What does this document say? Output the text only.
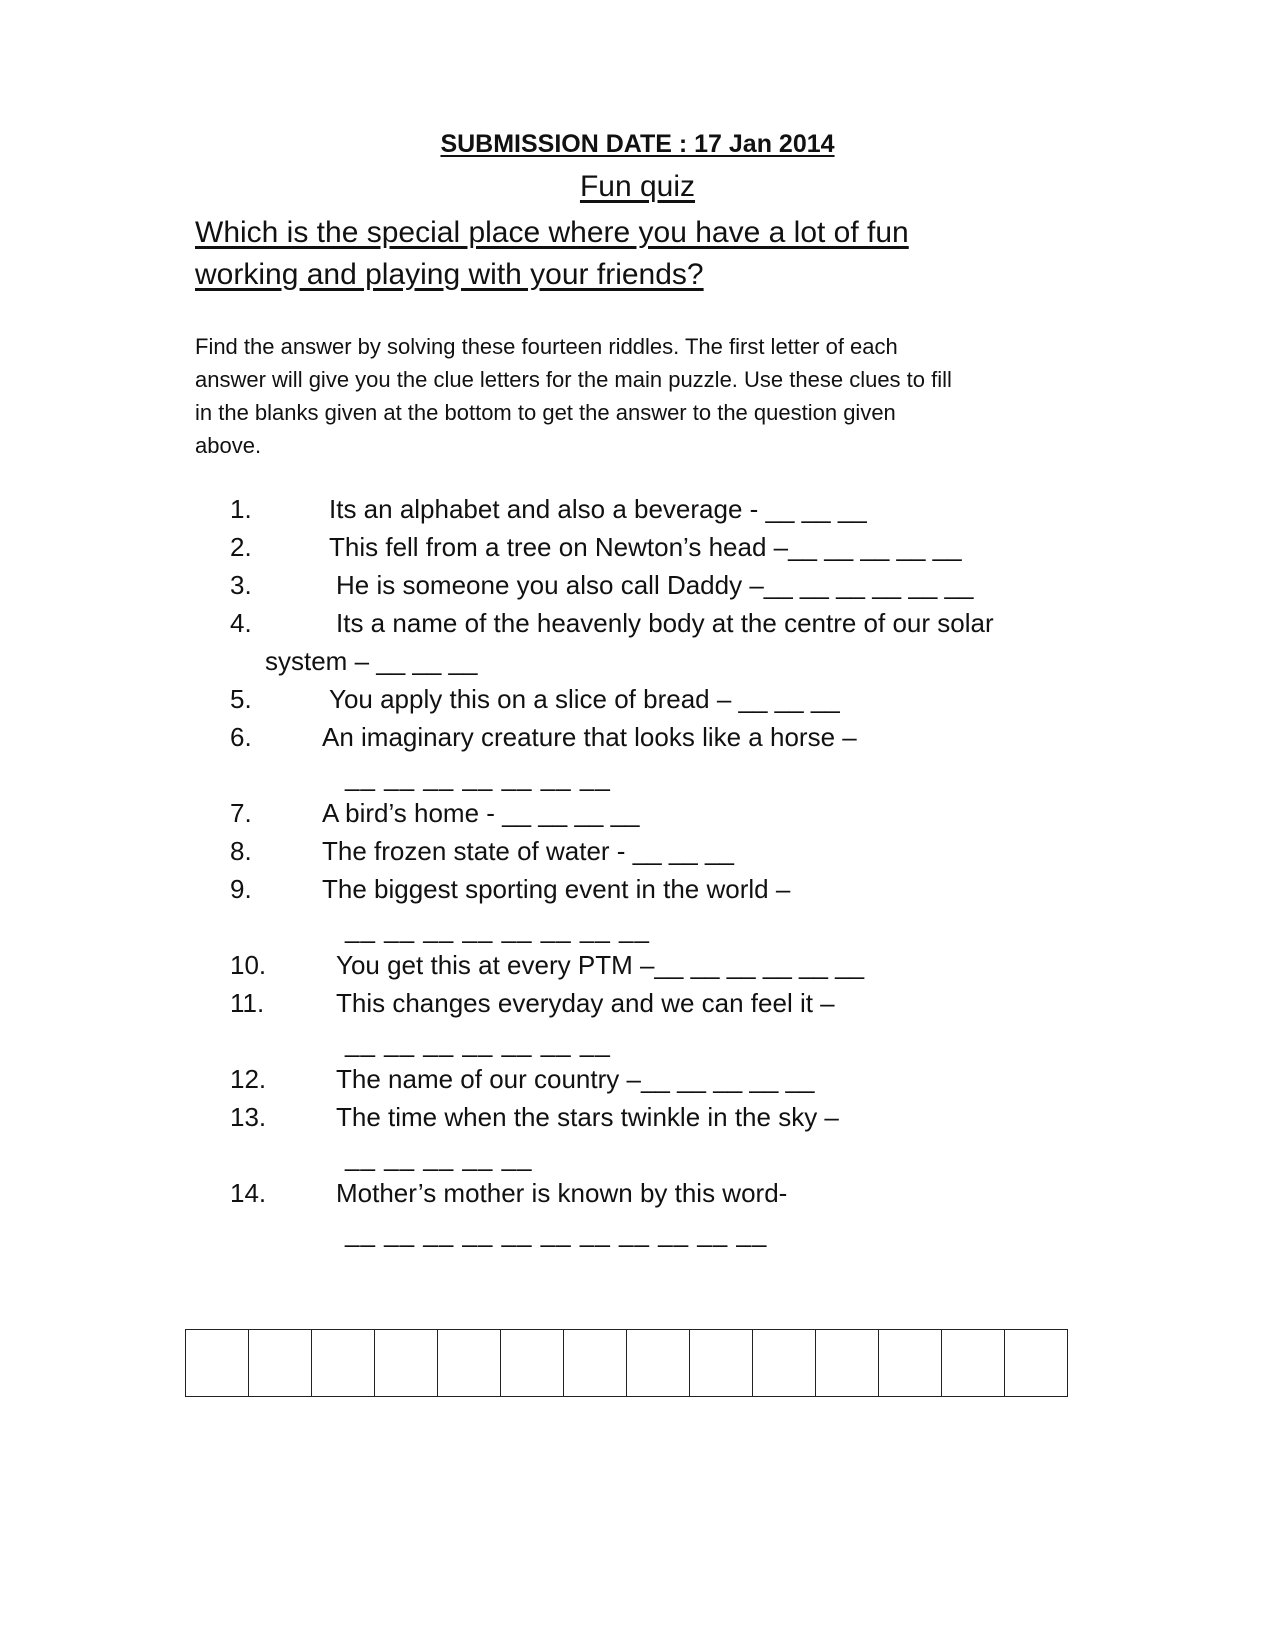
SUBMISSION DATE : 17 Jan 2014
Fun quiz
Which is the special place where you have a lot of fun
working and playing with your friends?
Find the answer by solving these fourteen riddles. The first letter of each
answer will give you the clue letters for the main puzzle. Use these clues to fill
in the blanks given at the bottom to get the answer to the question given
above.
1.	Its an alphabet and also a beverage - __ __ __
2.	This fell from a tree on Newton’s head –__ __ __ __ __
3.	He is someone you also call Daddy –__ __ __ __ __ __
4.	Its a name of the heavenly body at the centre of our solar
system – __ __ __
5.	You apply this on a slice of bread – __ __ __
6.	An imaginary creature that looks like a horse –
__ __ __ __ __ __ __
7.	A bird’s home - __ __ __ __
8.	The frozen state of water - __ __ __
9.	The biggest sporting event in the world –
__ __ __ __ __ __ __ __
10.	You get this at every PTM –__ __ __ __ __ __
11.	This changes everyday and we can feel it –
__ __ __ __ __ __ __
12.	The name of our country –__ __ __ __ __
13.	The time when the stars twinkle in the sky –
__ __ __ __ __
14.	Mother’s mother is known by this word-
__ __ __ __ __ __ __ __ __ __ __
